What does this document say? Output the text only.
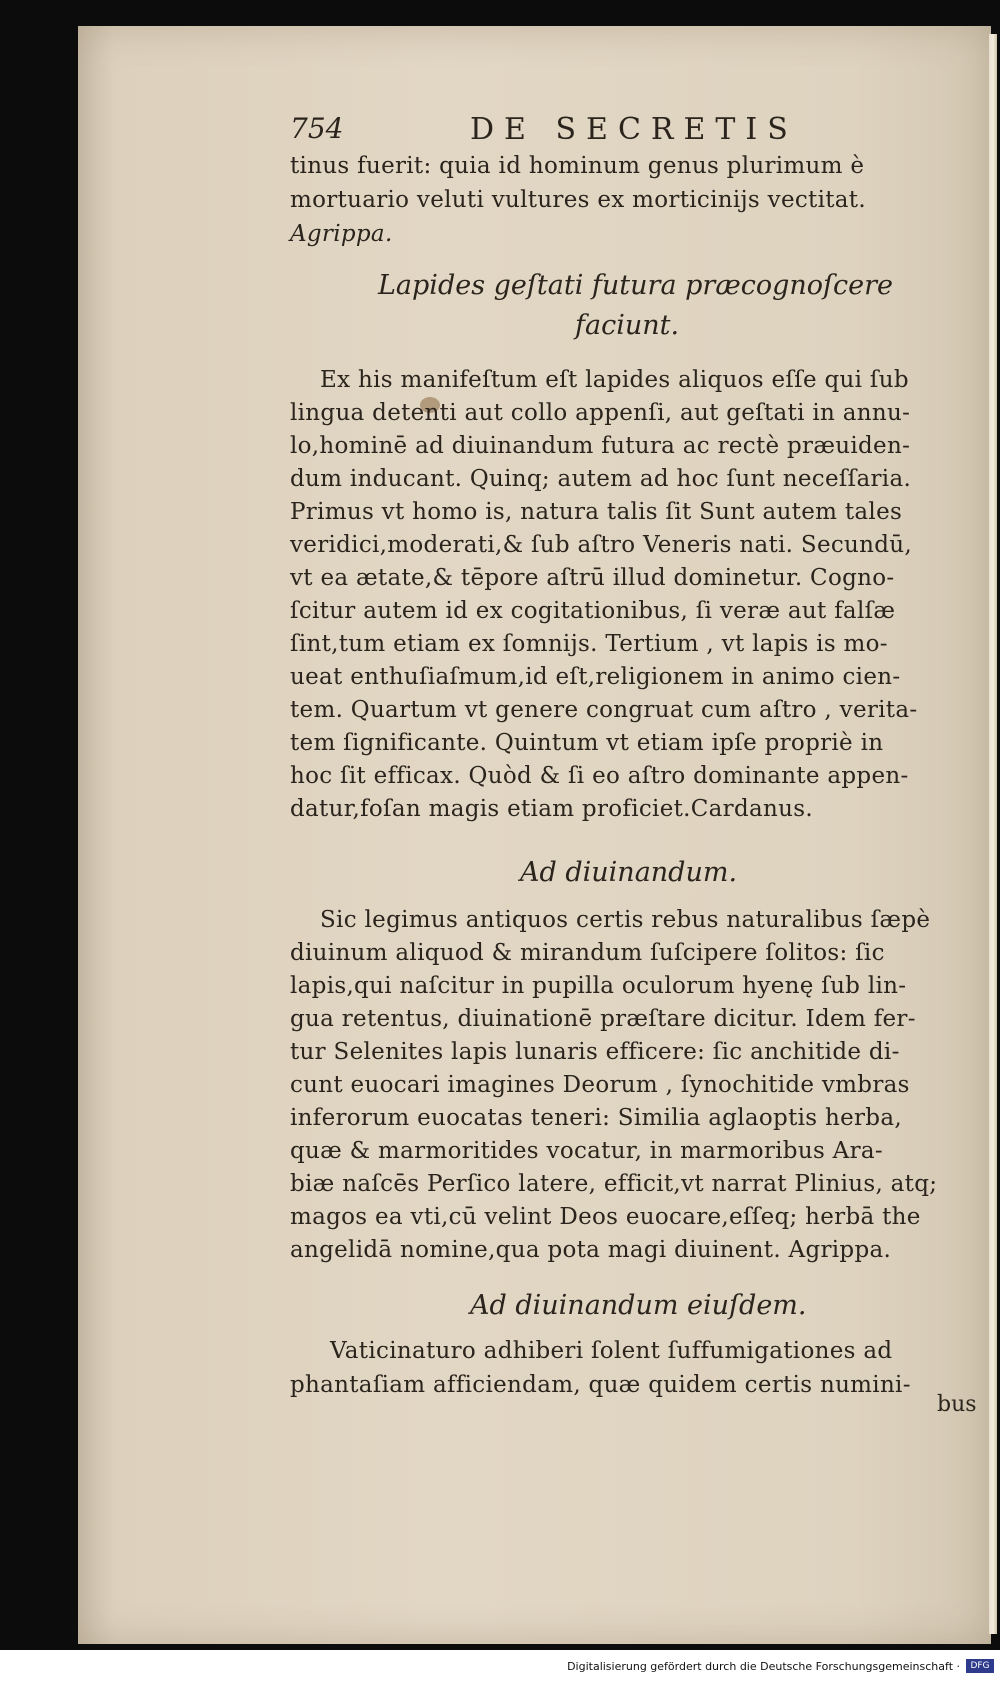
754	DE SECRETIS
tinus fuerit: quia id hominum genus plurimum è
mortuario veluti vultures ex morticinijs vectitat.
Agrippa.
Lapides geſtati futura præcognoſcere
faciunt.
Ex his manifeſtum eſt lapides aliquos eſſe qui ſub
lingua detenti aut collo appenſi, aut geſtati in annu-
lo,hominē ad diuinandum futura ac rectè præuiden-
dum inducant. Quinq; autem ad hoc ſunt neceſſaria.
Primus vt homo is, natura talis ſit Sunt autem tales
veridici,moderati,& ſub aſtro Veneris nati. Secundū,
vt ea ætate,& tēpore aſtrū illud dominetur. Cogno-
ſcitur autem id ex cogitationibus, ſi veræ aut falſæ
ſint,tum etiam ex ſomnijs. Tertium , vt lapis is mo-
ueat enthuſiaſmum,id eſt,religionem in animo cien-
tem. Quartum vt genere congruat cum aſtro , verita-
tem ſignificante. Quintum vt etiam ipſe propriè in
hoc ſit efficax. Quòd & ſi eo aſtro dominante appen-
datur,foſan magis etiam proficiet.Cardanus.
Ad diuinandum.
Sic legimus antiquos certis rebus naturalibus ſæpè
diuinum aliquod & mirandum ſuſcipere ſolitos: ſic
lapis,qui naſcitur in pupilla oculorum hyenę ſub lin-
gua retentus, diuinationē præſtare dicitur. Idem fer-
tur Selenites lapis lunaris efficere: ſic anchitide di-
cunt euocari imagines Deorum , ſynochitide vmbras
inferorum euocatas teneri: Similia aglaoptis herba,
quæ & marmoritides vocatur, in marmoribus Ara-
biæ naſcēs Perſico latere, efficit,vt narrat Plinius, atq;
magos ea vti,cū velint Deos euocare,eſſeq; herbā the
angelidā nomine,qua pota magi diuinent. Agrippa.
Ad diuinandum eiuſdem.
Vaticinaturo adhiberi ſolent ſuffumigationes ad
phantaſiam afficiendam, quæ quidem certis numini-
bus
Digitalisierung gefördert durch die Deutsche Forschungsgemeinschaft ·	DFG
